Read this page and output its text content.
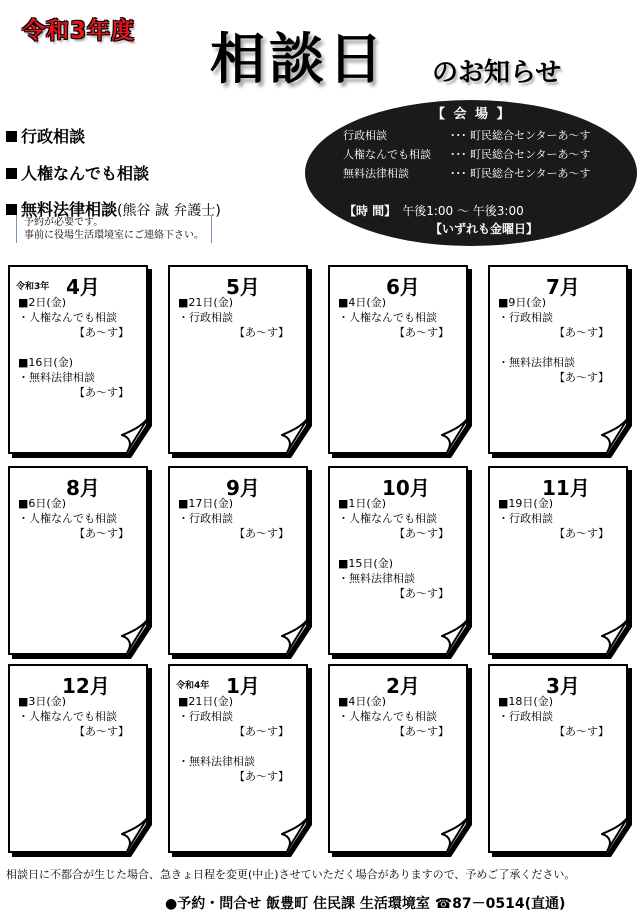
令和3年度 相談日 のお知らせ
行政相談
人権なんでも相談
無料法律相談(熊谷 誠 弁護士)
予約が必要です。
事前に役場生活環境室にご連絡下さい。
【 会 場 】
行政相談	･･･ 町民総合センターあ～す
人権なんでも相談 ･･･ 町民総合センターあ～す
無料法律相談	･･･ 町民総合センターあ～す
【時 間】 午後1:00 ～ 午後3:00
【いずれも金曜日】
令和3年 4月
■ 2日(金)
・人権なんでも相談
【あ～す】
■ 16日(金)
・無料法律相談
【あ～す】
5月
■ 21日(金)
・行政相談
【あ～す】
6月
■ 4日(金)
・人権なんでも相談
【あ～す】
7月
■ 9日(金)
・行政相談
【あ～す】
・無料法律相談
【あ～す】
8月
■ 6日(金)
・人権なんでも相談
【あ～す】
9月
■ 17日(金)
・行政相談
【あ～す】
10月
■ 1日(金)
・人権なんでも相談
【あ～す】
■ 15日(金)
・無料法律相談
【あ～す】
11月
■ 19日(金)
・行政相談
【あ～す】
12月
■ 3日(金)
・人権なんでも相談
【あ～す】
令和4年 1月
■ 21日(金)
・行政相談
【あ～す】
・無料法律相談
【あ～す】
2月
■ 4日(金)
・人権なんでも相談
【あ～す】
3月
■ 18日(金)
・行政相談
【あ～す】
相談日に不都合が生じた場合、急きょ日程を変更(中止)させていただく場合がありますので、予めご了承ください。
●予約・問合せ 飯豊町 住民課 生活環境室 ☎87－0514(直通)
